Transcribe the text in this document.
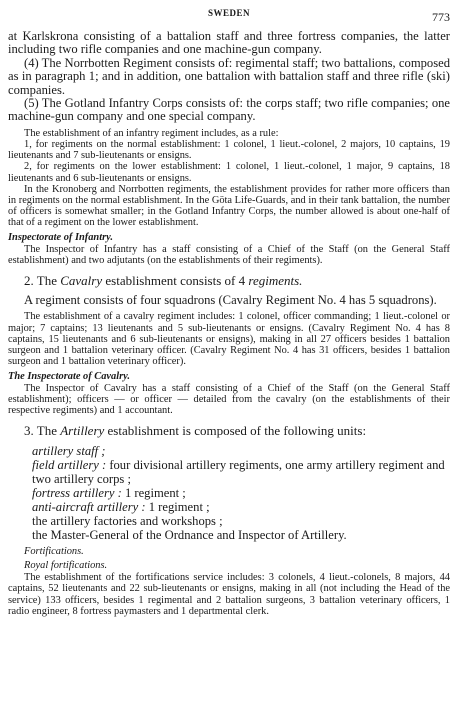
SWEDEN	773

at Karlskrona consisting of a battalion staff and three fortress companies, the latter including two rifle companies and one machine-gun company.

(4) The Norrbotten Regiment consists of: regimental staff; two battalions, composed as in paragraph 1; and in addition, one battalion with battalion staff and three rifle (ski) companies.

(5) The Gotland Infantry Corps consists of: the corps staff; two rifle companies; one machine-gun company and one special company.

The establishment of an infantry regiment includes, as a rule:

1, for regiments on the normal establishment: 1 colonel, 1 lieut.-colonel, 2 majors, 10 captains, 19 lieutenants and 7 sub-lieutenants or ensigns.

2, for regiments on the lower establishment: 1 colonel, 1 lieut.-colonel, 1 major, 9 captains, 18 lieutenants and 6 sub-lieutenants or ensigns.

In the Kronoberg and Norrbotten regiments, the establishment provides for rather more officers than in regiments on the normal establishment. In the Göta Life-Guards, and in their tank battalion, the number of officers is somewhat smaller; in the Gotland Infantry Corps, the number allowed is about one-half of that of a regiment on the lower establishment.

Inspectorate of Infantry.

The Inspector of Infantry has a staff consisting of a Chief of the Staff (on the General Staff establishment) and two adjutants (on the establishments of their regiments).

2. The Cavalry establishment consists of 4 regiments.

A regiment consists of four squadrons (Cavalry Regiment No. 4 has 5 squadrons).

The establishment of a cavalry regiment includes: 1 colonel, officer commanding; 1 lieut.-colonel or major; 7 captains; 13 lieutenants and 5 sub-lieutenants or ensigns. (Cavalry Regiment No. 4 has 8 captains, 15 lieutenants and 6 sub-lieutenants or ensigns), making in all 27 officers besides 1 battalion surgeon and 1 battalion veterinary officer. (Cavalry Regiment No. 4 has 31 officers, besides 1 battalion surgeon and 1 battalion veterinary officer).

The Inspectorate of Cavalry.

The Inspector of Cavalry has a staff consisting of a Chief of the Staff (on the General Staff establishment); officers — or officer — detailed from the cavalry (on the establishments of their respective regiments) and 1 accountant.

3. The Artillery establishment is composed of the following units:

artillery staff ;
field artillery : four divisional artillery regiments, one army artillery regiment and two artillery corps ;
fortress artillery : 1 regiment ;
anti-aircraft artillery : 1 regiment ;
the artillery factories and workshops ;
the Master-General of the Ordnance and Inspector of Artillery.
Fortifications.
Royal fortifications.

The establishment of the fortifications service includes: 3 colonels, 4 lieut.-colonels, 8 majors, 44 captains, 52 lieutenants and 22 sub-lieutenants or ensigns, making in all (not including the Head of the service) 133 officers, besides 1 regimental and 2 battalion surgeons, 3 battalion veterinary officers, 1 radio engineer, 8 fortress paymasters and 1 departmental clerk.
